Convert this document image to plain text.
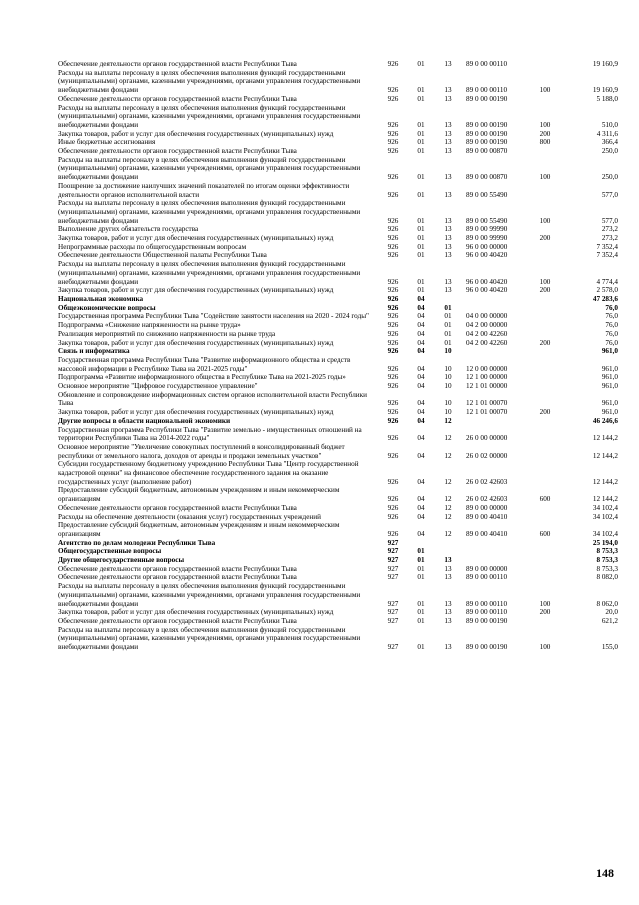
Обеспечение деятельности органов государственной власти Республики Тыва	926	01	13	89 0 00 00110	19 160,9
Расходы на выплаты персоналу в целях обеспечения выполнения функций государственными (муниципальными) органами, казенными учреждениями, органами управления государственными внебюджетными фондами	926	01	13	89 0 00 00110	100	19 160,9
Обеспечение деятельности органов государственной власти Республики Тыва	926	01	13	89 0 00 00190	5 188,0
Расходы на выплаты персоналу в целях обеспечения выполнения функций государственными (муниципальными) органами, казенными учреждениями, органами управления государственными внебюджетными фондами	926	01	13	89 0 00 00190	100	510,0
Закупка товаров, работ и услуг для обеспечения государственных (муниципальных) нужд	926	01	13	89 0 00 00190	200	4 311,6
Иные бюджетные ассигнования	926	01	13	89 0 00 00190	800	366,4
Обеспечение деятельности органов государственной власти Республики Тыва	926	01	13	89 0 00 00870	250,0
Расходы на выплаты персоналу в целях обеспечения выполнения функций государственными (муниципальными) органами, казенными учреждениями, органами управления государственными внебюджетными фондами	926	01	13	89 0 00 00870	100	250,0
Поощрение за достижение наилучших значений показателей по итогам оценки эффективности деятельности органов исполнительной власти	926	01	13	89 0 00 55490	577,0
Расходы на выплаты персоналу в целях обеспечения выполнения функций государственными (муниципальными) органами, казенными учреждениями, органами управления государственными внебюджетными фондами	926	01	13	89 0 00 55490	100	577,0
Выполнение других обязательств государства	926	01	13	89 0 00 99990	273,2
Закупка товаров, работ и услуг для обеспечения государственных (муниципальных) нужд	926	01	13	89 0 00 99990	200	273,2
Непрограммные расходы по общегосударственным вопросам	926	01	13	96 0 00 00000	7 352,4
Обеспечение деятельности Общественной палаты Республики Тыва	926	01	13	96 0 00 40420	7 352,4
Расходы на выплаты персоналу в целях обеспечения выполнения функций государственными (муниципальными) органами, казенными учреждениями, органами управления государственными внебюджетными фондами	926	01	13	96 0 00 40420	100	4 774,4
Закупка товаров, работ и услуг для обеспечения государственных (муниципальных) нужд	926	01	13	96 0 00 40420	200	2 578,0
Национальная экономика	926	04	47 283,6
Общеэкономические вопросы	926	04	01	76,0
Государственная программа Республики Тыва "Содействие занятости населения на 2020 - 2024 годы"	926	04	01	04 0 00 00000	76,0
Подпрограмма «Снижение напряженности на рынке труда»	926	04	01	04 2 00 00000	76,0
Реализация мероприятий по снижению напряженности на рынке труда	926	04	01	04 2 00 42260	76,0
Закупка товаров, работ и услуг для обеспечения государственных (муниципальных) нужд	926	04	01	04 2 00 42260	200	76,0
Связь и информатика	926	04	10	961,0
Государственная программа Республики Тыва "Развитие информационного общества и средств массовой информации в Республике Тыва на 2021-2025 годы"	926	04	10	12 0 00 00000	961,0
Подпрограмма «Развитие информационного общества в Республике Тыва на 2021-2025 годы»	926	04	10	12 1 00 00000	961,0
Основное мероприятие "Цифровое государственное управление"	926	04	10	12 1 01 00000	961,0
Обновление и сопровождение информационных систем органов исполнительной власти Республики Тыва	926	04	10	12 1 01 00070	961,0
Закупка товаров, работ и услуг для обеспечения государственных (муниципальных) нужд	926	04	10	12 1 01 00070	200	961,0
Другие вопросы в области национальной экономики	926	04	12	46 246,6
Государственная программа Республики Тыва "Развитие земельно - имущественных отношений на территории Республики Тыва на 2014-2022 годы"	926	04	12	26 0 00 00000	12 144,2
Основное мероприятие "Увеличение совокупных поступлений в консолидированный бюджет республики от земельного налога, доходов от аренды и продажи земельных участков"	926	04	12	26 0 02 00000	12 144,2
Субсидии государственному бюджетному учреждению Республики Тыва "Центр государственной кадастровой оценки" на финансовое обеспечение государственного задания на оказание государственных услуг (выполнение работ)	926	04	12	26 0 02 42603	12 144,2
Предоставление субсидий бюджетным, автономным учреждениям и иным некоммерческим организациям	926	04	12	26 0 02 42603	600	12 144,2
Обеспечение деятельности органов государственной власти Республики Тыва	926	04	12	89 0 00 00000	34 102,4
Расходы на обеспечение деятельности (оказания услуг) государственных учреждений	926	04	12	89 0 00 40410	34 102,4
Предоставление субсидий бюджетным, автономным учреждениям и иным некоммерческим организациям	926	04	12	89 0 00 40410	600	34 102,4
Агентство по делам молодежи Республики Тыва	927	25 194,0
Общегосударственные вопросы	927	01	8 753,3
Другие общегосударственные вопросы	927	01	13	8 753,3
Обеспечение деятельности органов государственной власти Республики Тыва	927	01	13	89 0 00 00000	8 753,3
Обеспечение деятельности органов государственной власти Республики Тыва	927	01	13	89 0 00 00110	8 082,0
Расходы на выплаты персоналу в целях обеспечения выполнения функций государственными (муниципальными) органами, казенными учреждениями, органами управления государственными внебюджетными фондами	927	01	13	89 0 00 00110	100	8 062,0
Закупка товаров, работ и услуг для обеспечения государственных (муниципальных) нужд	927	01	13	89 0 00 00110	200	20,0
Обеспечение деятельности органов государственной власти Республики Тыва	927	01	13	89 0 00 00190	621,2
Расходы на выплаты персоналу в целях обеспечения выполнения функций государственными (муниципальными) органами, казенными учреждениями, органами управления государственными внебюджетными фондами	927	01	13	89 0 00 00190	100	155,0
148
